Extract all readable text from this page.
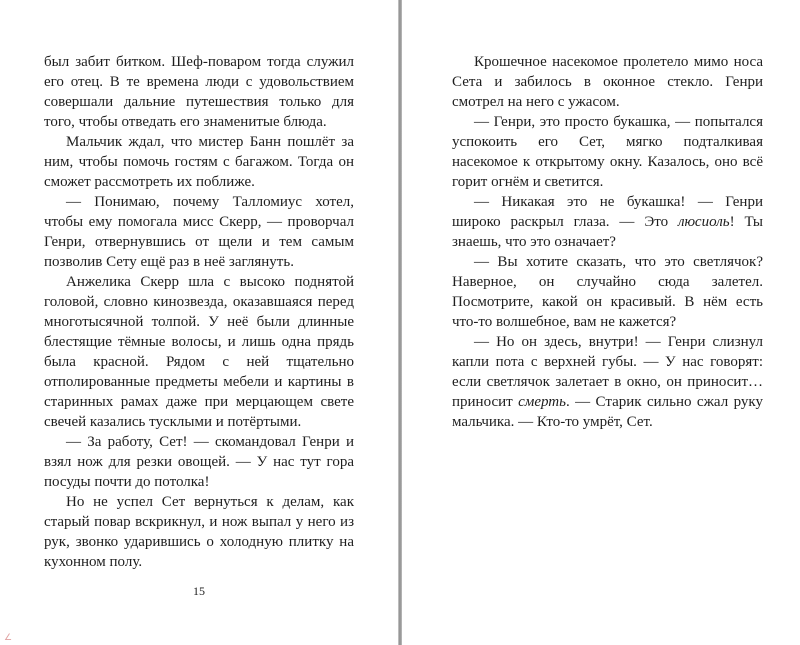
был забит битком. Шеф-поваром тогда служил его отец. В те времена люди с удовольствием совершали дальние путешествия только для того, чтобы отведать его знаменитые блюда.

Мальчик ждал, что мистер Банн пошлёт за ним, чтобы помочь гостям с багажом. Тогда он сможет рассмотреть их поближе.

— Понимаю, почему Талломиус хотел, чтобы ему помогала мисс Скерр, — проворчал Генри, отвернувшись от щели и тем самым позволив Сету ещё раз в неё заглянуть.

Анжелика Скерр шла с высоко поднятой головой, словно кинозвезда, оказавшаяся перед многотысячной толпой. У неё были длинные блестящие тёмные волосы, и лишь одна прядь была красной. Рядом с ней тщательно отполированные предметы мебели и картины в старинных рамах даже при мерцающем свете свечей казались тусклыми и потёртыми.

— За работу, Сет! — скомандовал Генри и взял нож для резки овощей. — У нас тут гора посуды почти до потолка!

Но не успел Сет вернуться к делам, как старый повар вскрикнул, и нож выпал у него из рук, звонко ударившись о холодную плитку на кухонном полу.

15

Крошечное насекомое пролетело мимо носа Сета и забилось в оконное стекло. Генри смотрел на него с ужасом.

— Генри, это просто букашка, — попытался успокоить его Сет, мягко подталкивая насекомое к открытому окну. Казалось, оно всё горит огнём и светится.

— Никакая это не букашка! — Генри широко раскрыл глаза. — Это люсиоль! Ты знаешь, что это означает?

— Вы хотите сказать, что это светлячок? Наверное, он случайно сюда залетел. Посмотрите, какой он красивый. В нём есть что-то волшебное, вам не кажется?

— Но он здесь, внутри! — Генри слизнул капли пота с верхней губы. — У нас говорят: если светлячок залетает в окно, он приносит… приносит смерть. — Старик сильно сжал руку мальчика. — Кто-то умрёт, Сет.

∠
